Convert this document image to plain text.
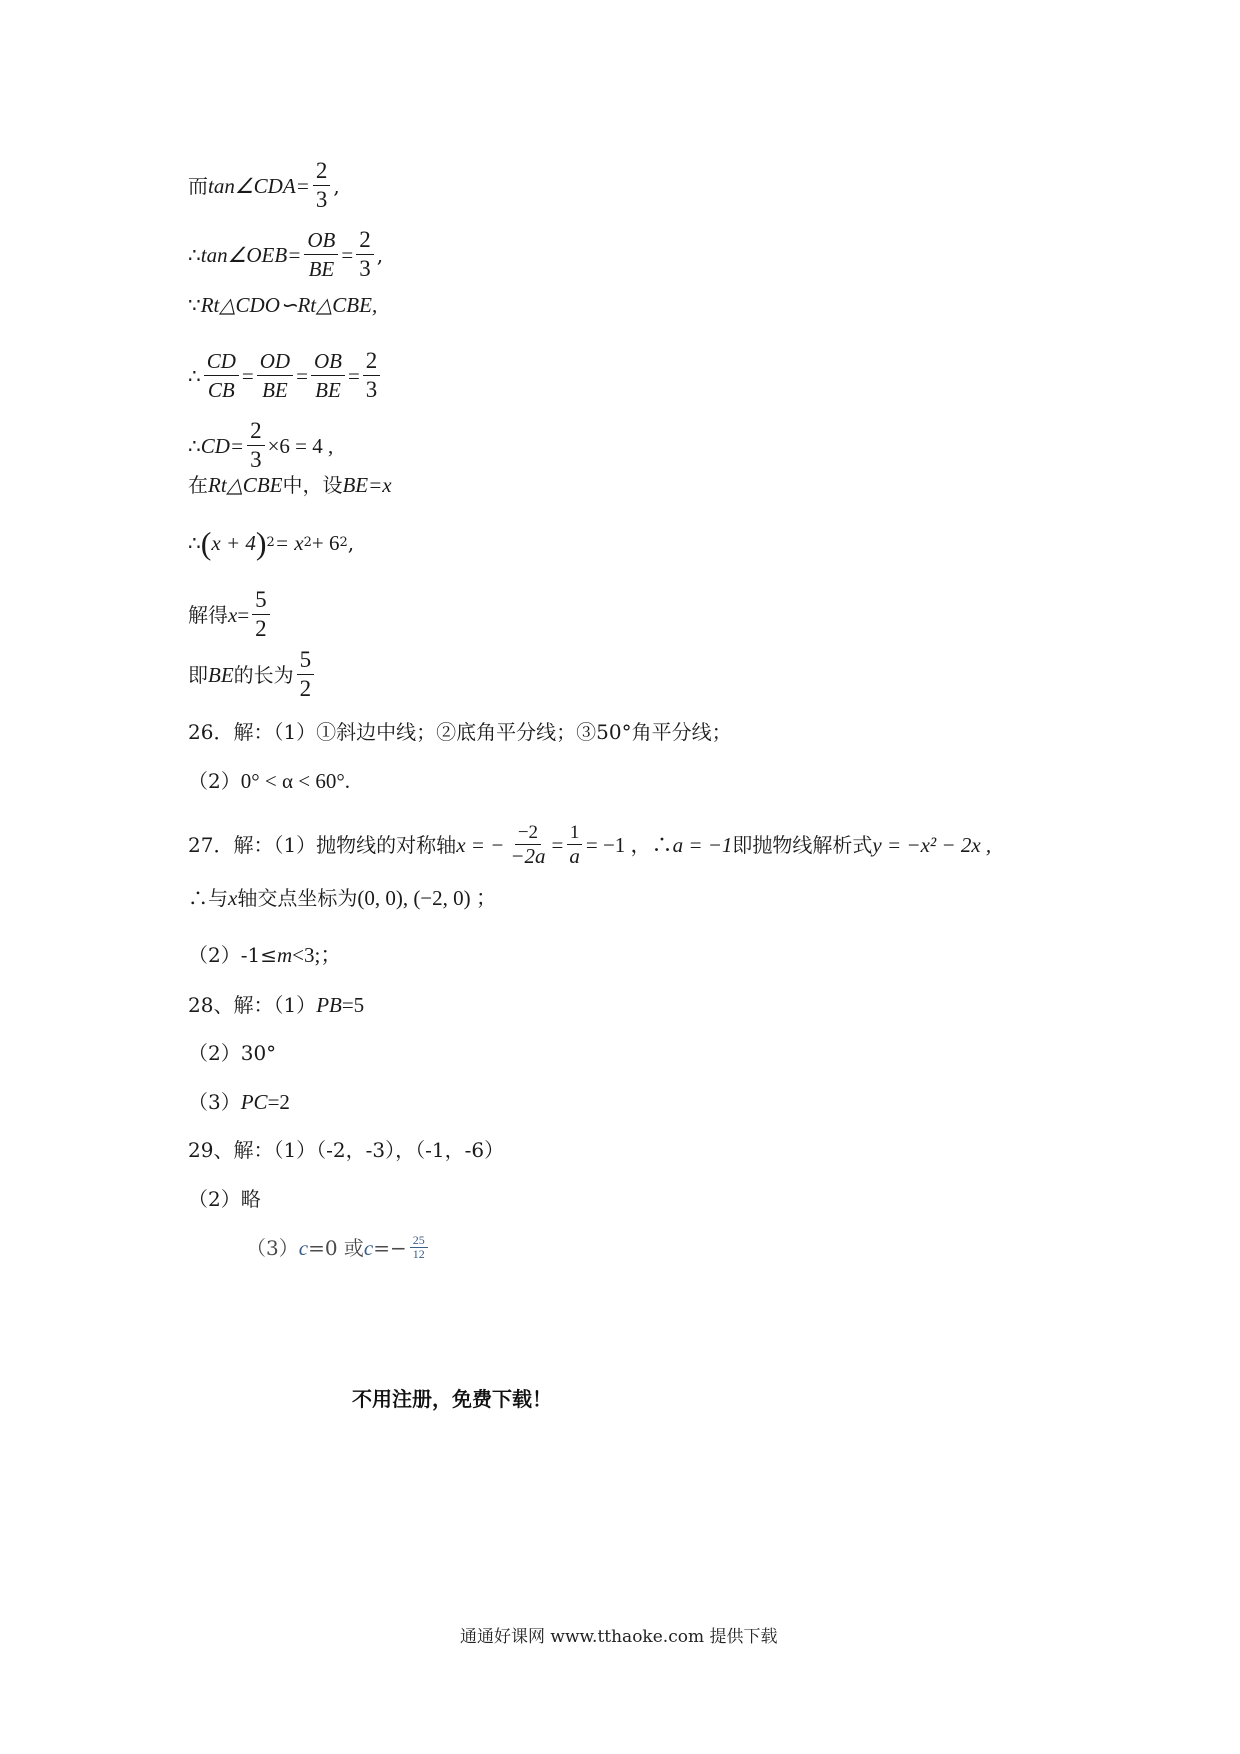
而 tan∠CDA= $\frac{2}{3}$ ,
∴ tan∠OEB= $\frac{OB}{BE} = \frac{2}{3}$ ,
∵ Rt△CDO∽Rt△CBE,
∴ $\frac{CD}{CB} = \frac{OD}{BE} = \frac{OB}{BE} = \frac{2}{3}$
∴ $CD= \frac{2}{3} \times 6 = 4$ ,
在 Rt△CBE 中，设 BE=x
∴ ( x + 4 ) 2 = x 2 + 6 2 ,
解得 $x = \frac{5}{2}$
即 BE 的长为 $\frac{5}{2}$
26．解：（1）①斜边中线；②底角平分线；③50°角平分线；
（2） 0° < α < 60°.
27．解：（1）抛物线的对称轴 x = − $\frac{-2}{-2a} = \frac{1}{a} = -1$ ，∴ a = −1 即抛物线解析式 y = −x² − 2x ,
∴与 x 轴交点坐标为 (0, 0), (−2, 0) ；
（2）-1≤ m <3;；
28、解：（1） PB =5
（2）30°
（3） PC =2
29、解：（1）（-2，-3），（-1，-6）
（2）略
（3） c =0 或 $c =- \frac{25}{12}$
不用注册，免费下载！
通通好课网 www.tthaoke.com 提供下载
